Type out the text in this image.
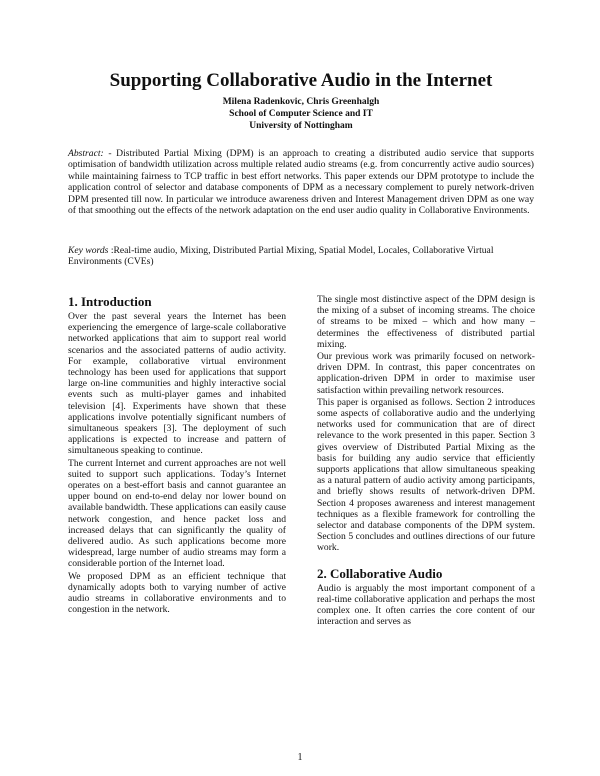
Supporting Collaborative Audio in the Internet
Milena Radenkovic, Chris Greenhalgh
School of Computer Science and IT
University of Nottingham

Abstract: - Distributed Partial Mixing (DPM) is an approach to creating a distributed audio service that supports optimisation of bandwidth utilization across multiple related audio streams (e.g. from concurrently active audio sources) while maintaining fairness to TCP traffic in best effort networks. This paper extends our DPM prototype to include the application control of selector and database components of DPM as a necessary complement to purely network-driven DPM presented till now. In particular we introduce awareness driven and Interest Management driven DPM as one way of that smoothing out the effects of the network adaptation on the end user audio quality in Collaborative Environments.

Key words :Real-time audio, Mixing, Distributed Partial Mixing, Spatial Model, Locales, Collaborative Virtual Environments (CVEs)

1. Introduction

Over the past several years the Internet has been experiencing the emergence of large-scale collaborative networked applications that aim to support real world scenarios and the associated patterns of audio activity. For example, collaborative virtual environment technology has been used for applications that support large on-line communities and highly interactive social events such as multi-player games and inhabited television [4]. Experiments have shown that these applications involve potentially significant numbers of simultaneous speakers [3]. The deployment of such applications is expected to increase and pattern of simultaneous speaking to continue.

The current Internet and current approaches are not well suited to support such applications. Today’s Internet operates on a best-effort basis and cannot guarantee an upper bound on end-to-end delay nor lower bound on available bandwidth. These applications can easily cause network congestion, and hence packet loss and increased delays that can significantly the quality of delivered audio. As such applications become more widespread, large number of audio streams may form a considerable portion of the Internet load.

We proposed DPM as an efficient technique that dynamically adopts both to varying number of active audio streams in collaborative environments and to congestion in the network.

The single most distinctive aspect of the DPM design is the mixing of a subset of incoming streams. The choice of streams to be mixed – which and how many – determines the effectiveness of distributed partial mixing.

Our previous work was primarily focused on network-driven DPM. In contrast, this paper concentrates on application-driven DPM in order to maximise user satisfaction within prevailing network resources.

This paper is organised as follows. Section 2 introduces some aspects of collaborative audio and the underlying networks used for communication that are of direct relevance to the work presented in this paper. Section 3 gives overview of Distributed Partial Mixing as the basis for building any audio service that efficiently supports applications that allow simultaneous speaking as a natural pattern of audio activity among participants, and briefly shows results of network-driven DPM. Section 4 proposes awareness and interest management techniques as a flexible framework for controlling the selector and database components of the DPM system. Section 5 concludes and outlines directions of our future work.

2. Collaborative Audio

Audio is arguably the most important component of a real-time collaborative application and perhaps the most complex one. It often carries the core content of our interaction and serves as

1
